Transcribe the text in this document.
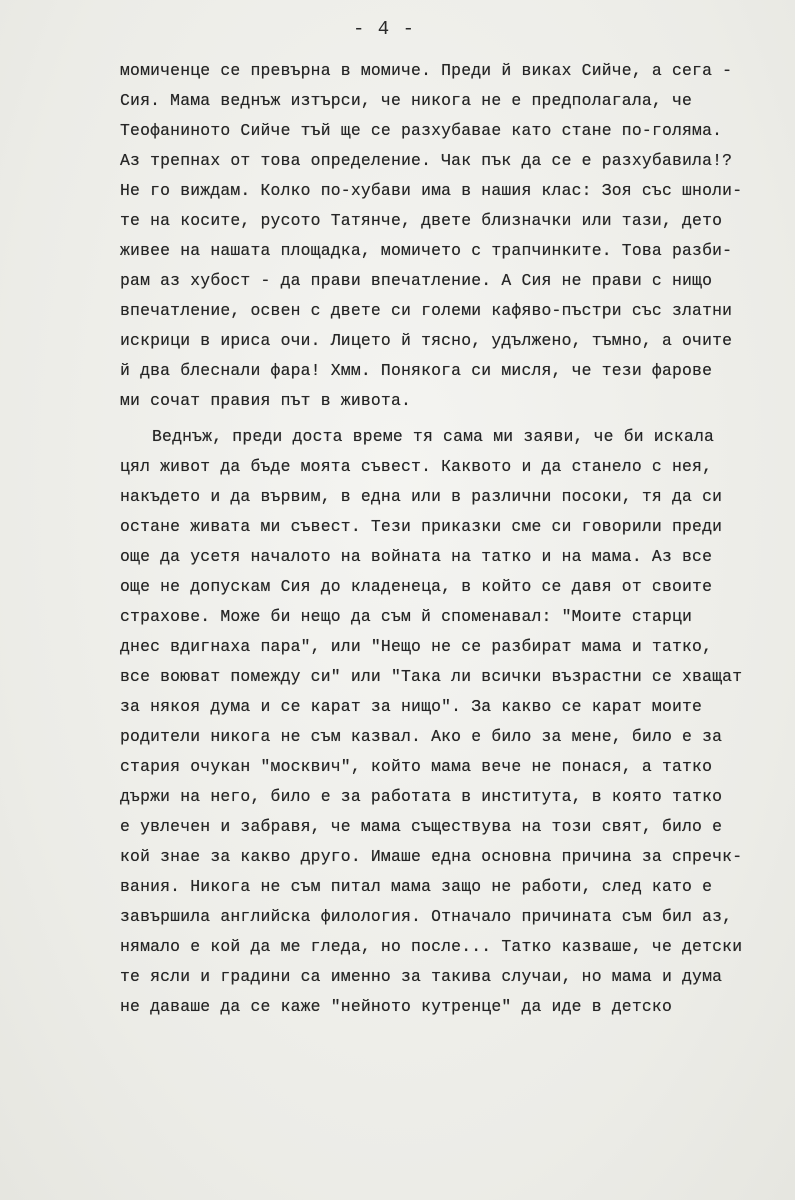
- 4 -
момиченце се превърна в момиче. Преди й виках Сийче, а сега -
Сия. Мама веднъж изтърси, че никога не е предполагала, че
Теофанинoто Сийче тъй ще се разхубавае като стане по-голяма.
Аз трепнах от това определение. Чак пък да се е разхубавила!?
Не го виждам. Колко по-хубави има в нашия клас: Зоя със шноли-
те на косите, русото Татянче, двете близначки или тази, дето
живее на нашата площадка, момичето с трапчинките. Това разби-
рам аз хубост - да прави впечатление. А Сия не прави с нищо
впечатление, освен с двете си големи кафяво-пъстри със златни
искрици в ириса очи. Лицето й тясно, удължено, тъмно, а очите
й два блеснали фара! Хмм. Понякога си мисля, че тези фарове
ми сочат правия път в живота.
Веднъж, преди доста време тя сама ми заяви, че би искала
цял живот да бъде моята съвест. Каквото и да станело с нея,
накъдето и да вървим, в една или в различни посоки, тя да си
остане живата ми съвест. Тези приказки сме си говорили преди
още да усетя началото на войната на татко и на мама. Аз все
още не допускам Сия до кладенеца, в който се давя от своите
страхове. Може би нещо да съм й споменавал: "Моите старци
днес вдигнаха пара", или "Нещо не се разбират мама и татко,
все воюват помежду си" или "Така ли всички възрастни се хващат
за някоя дума и се карат за нищо". За какво се карат моите
родители никога не съм казвал. Ако е било за мене, било е за
стария очукан "москвич", който мама вече не понася, а татко
държи на него, било е за работата в института, в която татко
е увлечен и забравя, че мама съществува на този свят, било е
кой знае за какво друго. Имаше една основна причина за спречк-
вания. Никога не съм питал мама защо не работи, след като е
завършила английска филология. Отначало причината съм бил аз,
нямало е кой да ме гледа, но после... Татко казваше, че детски
те ясли и градини са именно за такива случаи, но мама и дума
не даваше да се каже "нейното кутренце" да иде в детско
